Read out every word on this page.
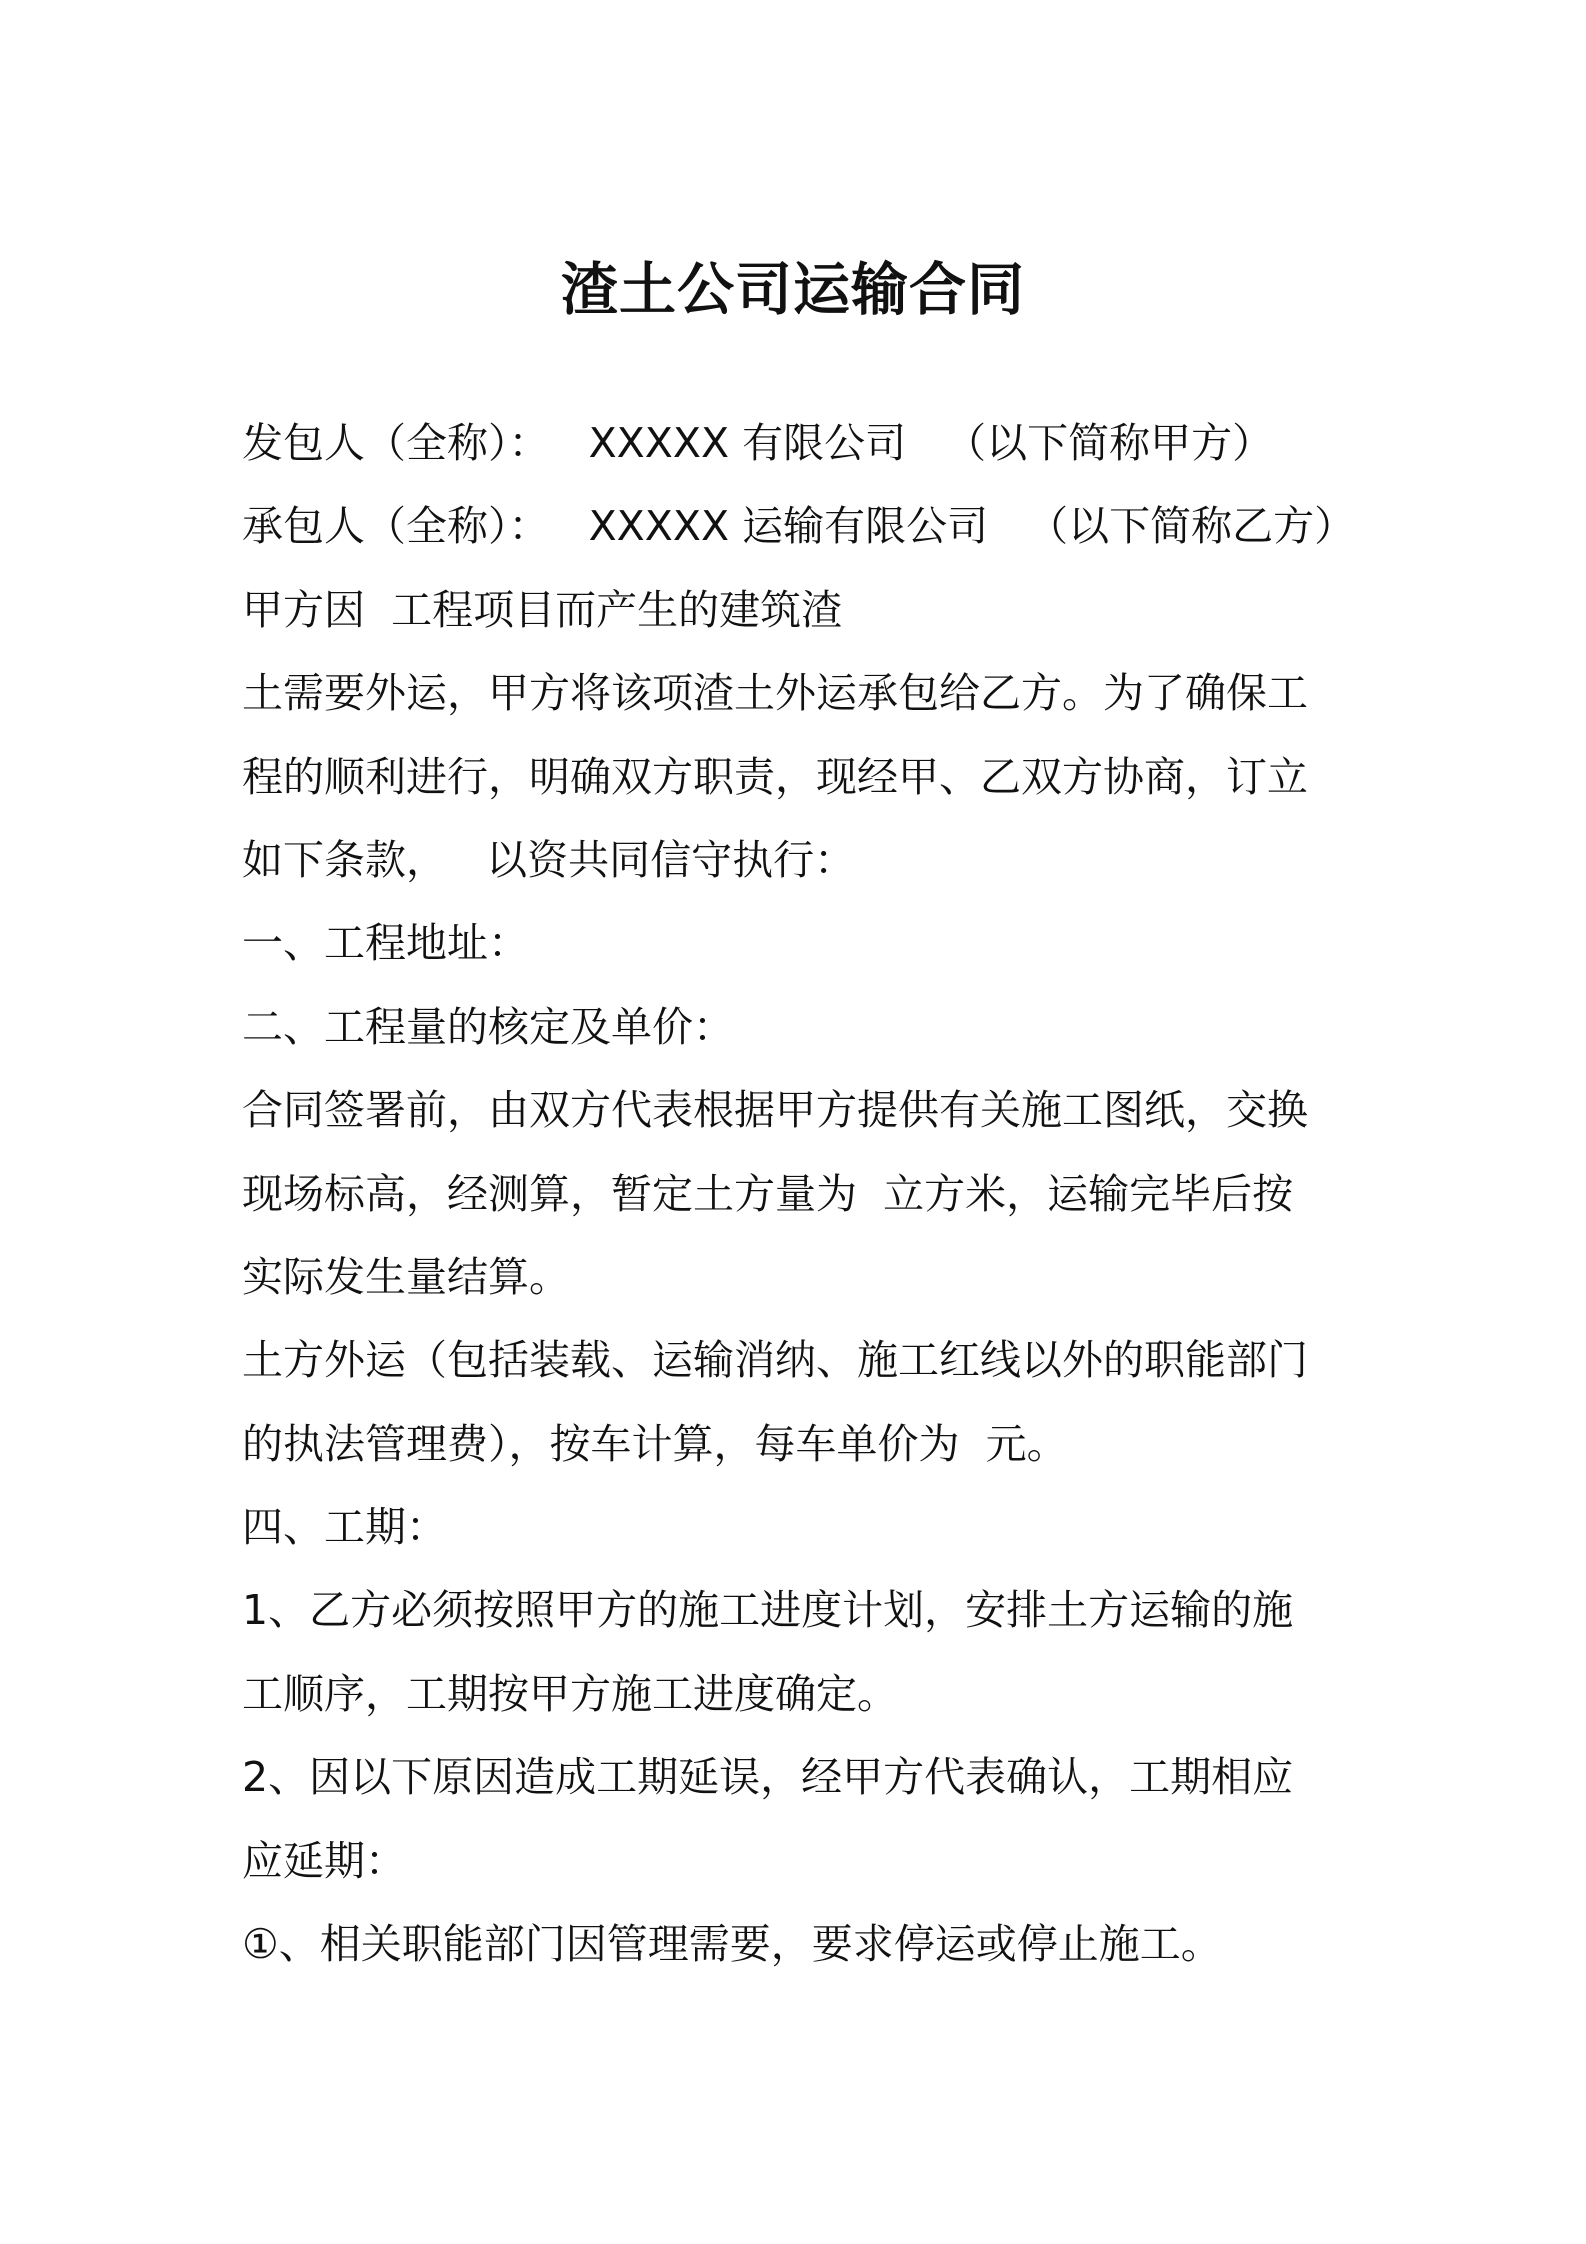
渣土公司运输合同
发包人（全称）：   XXXXX 有限公司   （以下简称甲方）
承包人（全称）：   XXXXX 运输有限公司   （以下简称乙方）
甲方因  工程项目而产生的建筑渣
土需要外运，甲方将该项渣土外运承包给乙方。为了确保工
程的顺利进行，明确双方职责，现经甲、乙双方协商，订立
如下条款，   以资共同信守执行：
一、工程地址：
二、工程量的核定及单价：
合同签署前，由双方代表根据甲方提供有关施工图纸，交换
现场标高，经测算，暂定土方量为  立方米，运输完毕后按
实际发生量结算。
土方外运（包括装载、运输消纳、施工红线以外的职能部门
的执法管理费），按车计算，每车单价为  元。
四、工期：
1、乙方必须按照甲方的施工进度计划，安排土方运输的施
工顺序，工期按甲方施工进度确定。
2、因以下原因造成工期延误，经甲方代表确认，工期相应
应延期：
①、相关职能部门因管理需要，要求停运或停止施工。
